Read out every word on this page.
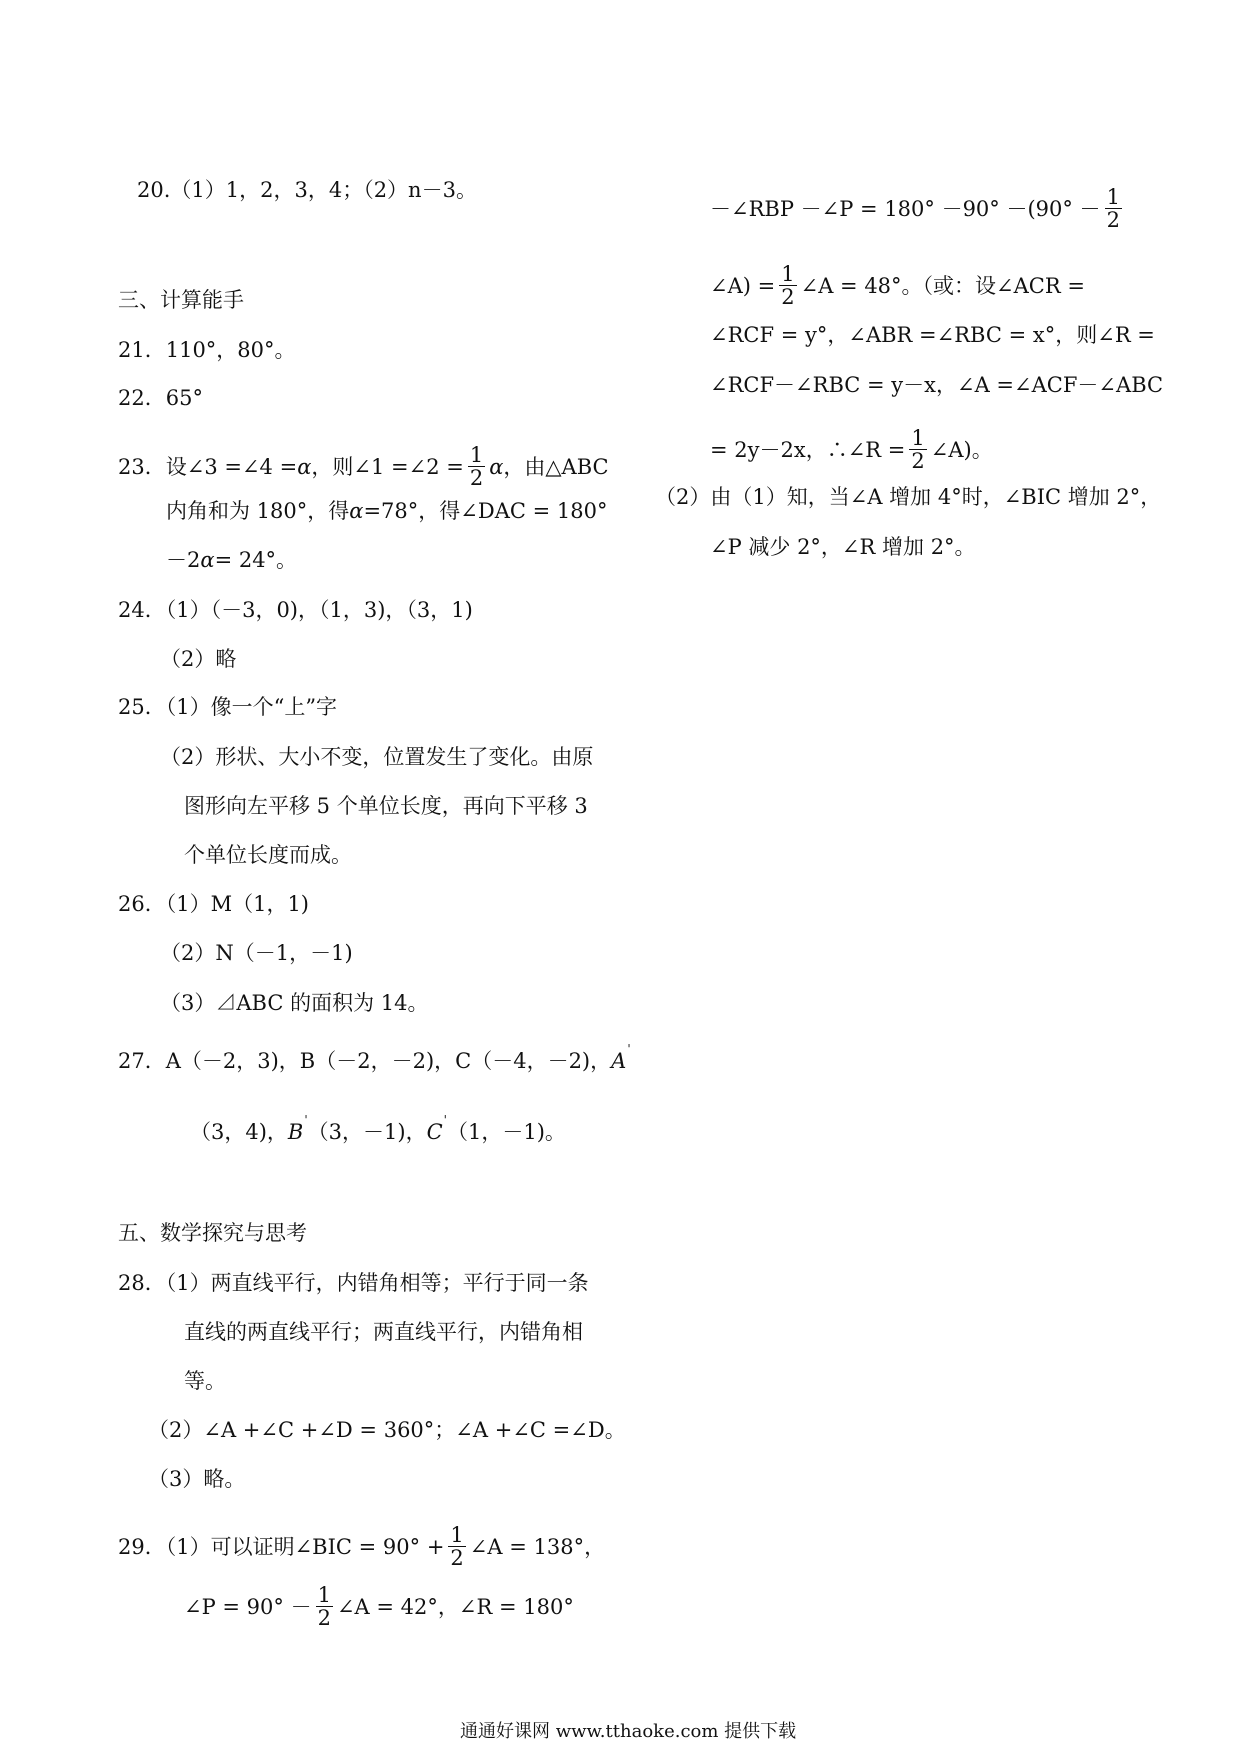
20.（1）1，2，3，4；（2）n－3。
三、计算能手
21．110°，80°。
22．65°
23．设∠3 =∠4 = α ，则∠1 =∠2 = $\frac{1}{2}$ α ，由△ABC
内角和为 180°，得 α =78°，得∠DAC = 180°
－2 α = 24°。
24．（1）（－3，0)，（1，3)，（3，1)
（2）略
25．（1）像一个“上”字
（2）形状、大小不变，位置发生了变化。由原
图形向左平移 5 个单位长度，再向下平移 3
个单位长度而成。
26．（1）M（1，1)
（2）N（－1，－1)
（3）⊿ABC 的面积为 14。
27．A（－2，3)，B（－2，－2)，C（－4，－2)， A '
（3，4)， B ' （3，－1)， C ' （1，－1)。
五、数学探究与思考
28．（1）两直线平行，内错角相等；平行于同一条
直线的两直线平行；两直线平行，内错角相
等。
（2）∠A +∠C +∠D = 360°；∠A +∠C =∠D。
（3）略。
29．（1）可以证明∠BIC = $90^\circ + \frac{1}{2}$ ∠A = 138°，
∠P = $90^\circ - \frac{1}{2}$ ∠A = 42°，∠R = 180°
－∠RBP －∠P = $180^\circ -90^\circ -(90^\circ - \frac{1}{2}$
∠A) = $\frac{1}{2}$ ∠A = 48°。（或：设∠ACR =
∠RCF = y°，∠ABR =∠RBC = x°，则∠R =
∠RCF－∠RBC = y－x，∠A =∠ACF－∠ABC
= 2y－2x，∴∠R = $\frac{1}{2}$ ∠A)。
（2）由（1）知，当∠A 增加 4°时，∠BIC 增加 2°，
∠P 减少 2°，∠R 增加 2°。
通通好课网 www.tthaoke.com 提供下载
